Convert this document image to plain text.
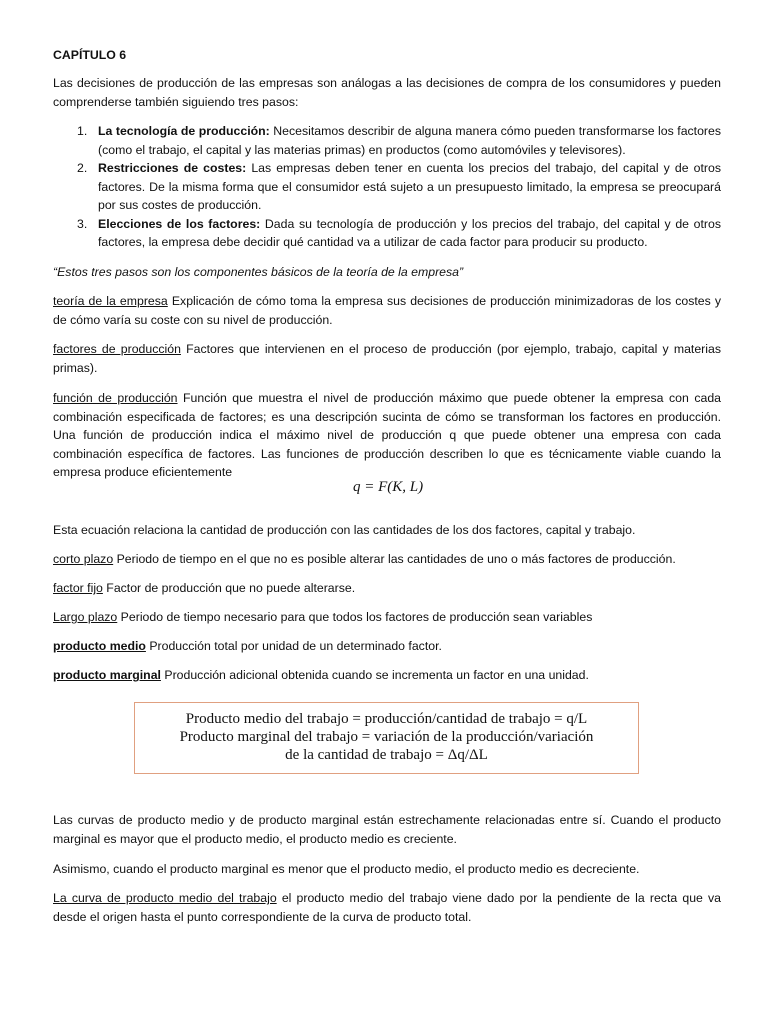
CAPÍTULO 6

Las decisiones de producción de las empresas son análogas a las decisiones de compra de los consumidores y pueden comprenderse también siguiendo tres pasos:

1. La tecnología de producción: Necesitamos describir de alguna manera cómo pueden transformarse los factores (como el trabajo, el capital y las materias primas) en productos (como automóviles y televisores).
2. Restricciones de costes: Las empresas deben tener en cuenta los precios del trabajo, del capital y de otros factores. De la misma forma que el consumidor está sujeto a un presupuesto limitado, la empresa se preocupará por sus costes de producción.
3. Elecciones de los factores: Dada su tecnología de producción y los precios del trabajo, del capital y de otros factores, la empresa debe decidir qué cantidad va a utilizar de cada factor para producir su producto.

“Estos tres pasos son los componentes básicos de la teoría de la empresa”

teoría de la empresa Explicación de cómo toma la empresa sus decisiones de producción minimizadoras de los costes y de cómo varía su coste con su nivel de producción.

factores de producción Factores que intervienen en el proceso de producción (por ejemplo, trabajo, capital y materias primas).

función de producción Función que muestra el nivel de producción máximo que puede obtener la empresa con cada combinación especificada de factores; es una descripción sucinta de cómo se transforman los factores en producción. Una función de producción indica el máximo nivel de producción q que puede obtener una empresa con cada combinación específica de factores. Las funciones de producción describen lo que es técnicamente viable cuando la empresa produce eficientemente

q = F(K, L)

Esta ecuación relaciona la cantidad de producción con las cantidades de los dos factores, capital y trabajo.

corto plazo Periodo de tiempo en el que no es posible alterar las cantidades de uno o más factores de producción.

factor fijo Factor de producción que no puede alterarse.

Largo plazo Periodo de tiempo necesario para que todos los factores de producción sean variables

producto medio Producción total por unidad de un determinado factor.

producto marginal Producción adicional obtenida cuando se incrementa un factor en una unidad.

Producto medio del trabajo = producción/cantidad de trabajo = q/L
Producto marginal del trabajo = variación de la producción/variación
de la cantidad de trabajo = Δq/ΔL

Las curvas de producto medio y de producto marginal están estrechamente relacionadas entre sí. Cuando el producto marginal es mayor que el producto medio, el producto medio es creciente.

Asimismo, cuando el producto marginal es menor que el producto medio, el producto medio es decreciente.

La curva de producto medio del trabajo el producto medio del trabajo viene dado por la pendiente de la recta que va desde el origen hasta el punto correspondiente de la curva de producto total.
